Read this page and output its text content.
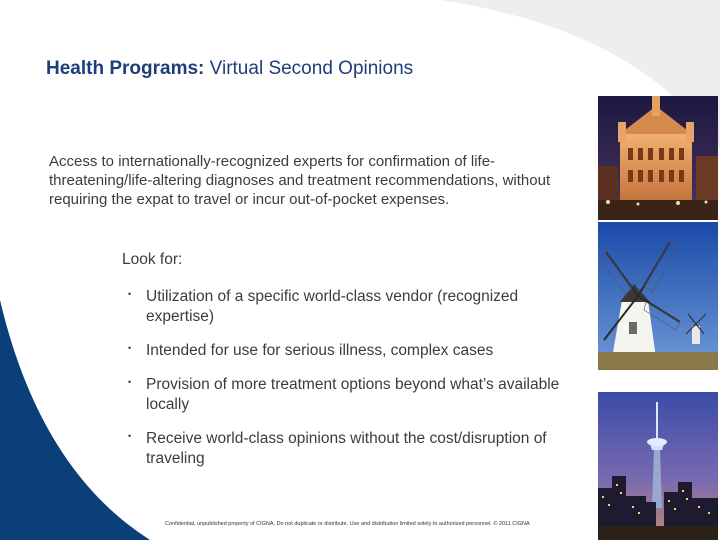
Health Programs: Virtual Second Opinions
Access to internationally-recognized experts for confirmation of life-threatening/life-altering diagnoses and treatment recommendations, without requiring the expat to travel or incur out-of-pocket expenses.
Look for:
• Utilization of a specific world-class vendor (recognized expertise)
• Intended for use for serious illness, complex cases
• Provision of more treatment options beyond what’s available locally
• Receive world-class opinions without the cost/disruption of traveling
Confidential, unpublished property of CIGNA. Do not duplicate or distribute. Use and distribution limited solely to authorized personnel. © 2011 CIGNA
